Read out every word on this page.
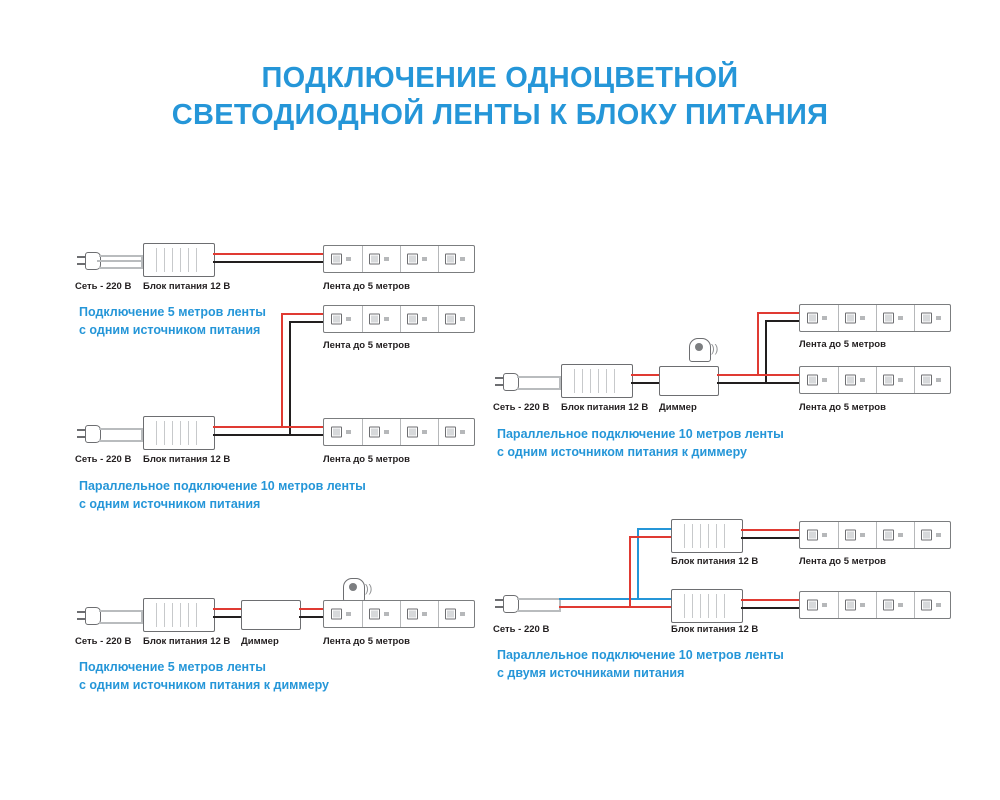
ПОДКЛЮЧЕНИЕ ОДНОЦВЕТНОЙ
СВЕТОДИОДНОЙ ЛЕНТЫ К БЛОКУ ПИТАНИЯ
Сеть - 220 В Блок питания 12 В	Лента до 5 метров
Подключение 5 метров ленты
с одним источником питания
Лента до 5 метров
Сеть - 220 В Блок питания 12 В	Лента до 5 метров
Параллельное подключение 10 метров ленты
с одним источником питания
))
Сеть - 220 В Блок питания 12 В Диммер	Лента до 5 метров
Подключение 5 метров ленты
с одним источником питания к диммеру
))	Лента до 5 метров
Сеть - 220 В Блок питания 12 В Диммер	Лента до 5 метров
Параллельное подключение 10 метров ленты
с одним источником питания к диммеру
Блок питания 12 В	Лента до 5 метров
Сеть - 220 В	Блок питания 12 В
Параллельное подключение 10 метров ленты
с двумя источниками питания
